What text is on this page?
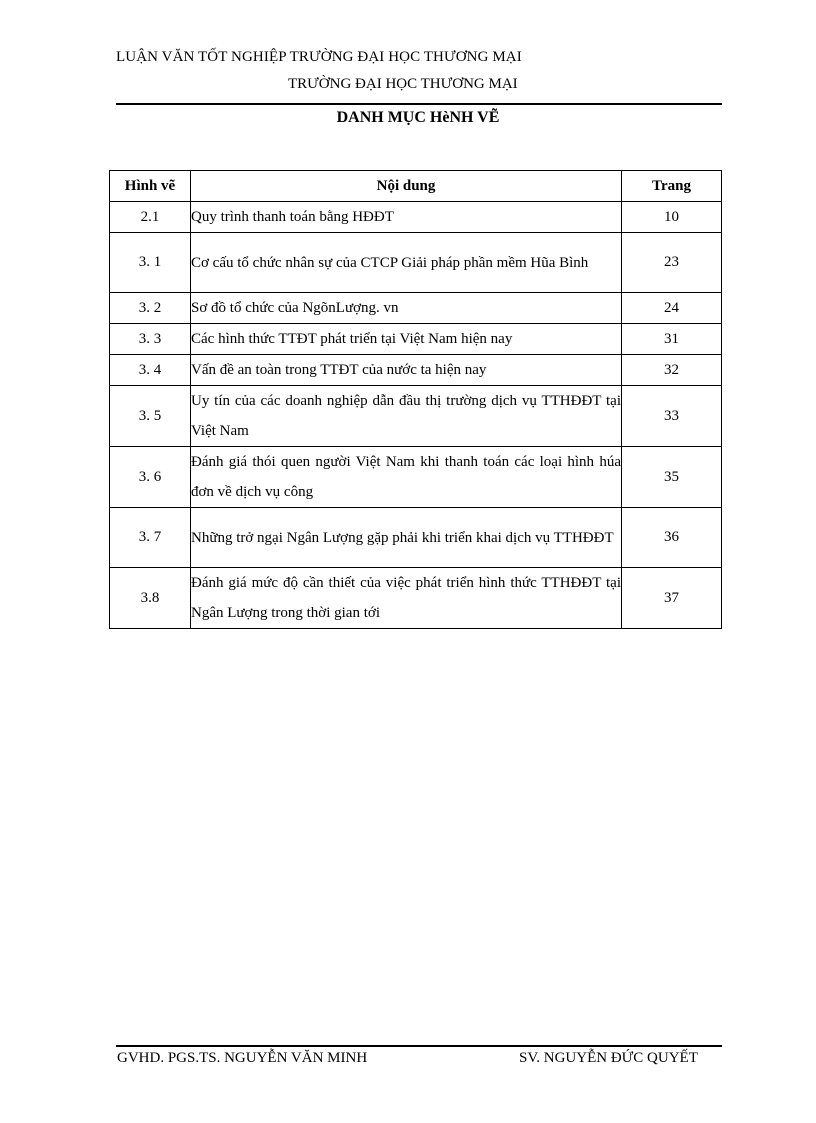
LUẬN VĂN TỐT NGHIỆP TRƯỜNG ĐẠI HỌC THƯƠNG MẠI
TRƯỜNG ĐẠI HỌC THƯƠNG MẠI
DANH MỤC HèNH VẼ
Hình vẽ	Nội dung	Trang
2.1	Quy trình thanh toán bằng HĐĐT	10
3. 1	Cơ cấu tổ chức nhân sự của CTCP Giải pháp phần mềm Hũa Bình	23
3. 2	Sơ đồ tổ chức của NgõnLượng. vn	24
3. 3	Các hình thức TTĐT phát triển tại Việt Nam hiện nay	31
3. 4	Vấn đề an toàn trong TTĐT của nước ta hiện nay	32
3. 5	Uy tín của các doanh nghiệp dẫn đầu thị trường dịch vụ TTHĐĐT tại Việt Nam	33
3. 6	Đánh giá thói quen người Việt Nam khi thanh toán các loại hình húa đơn về dịch vụ công	35
3. 7	Những trở ngại Ngân Lượng gặp phải khi triển khai dịch vụ TTHĐĐT	36
3.8	Đánh giá mức độ cần thiết của việc phát triển hình thức TTHĐĐT tại Ngân Lượng trong thời gian tới	37
GVHD. PGS.TS. NGUYỄN VĂN MINH	SV. NGUYỄN ĐỨC QUYẾT
